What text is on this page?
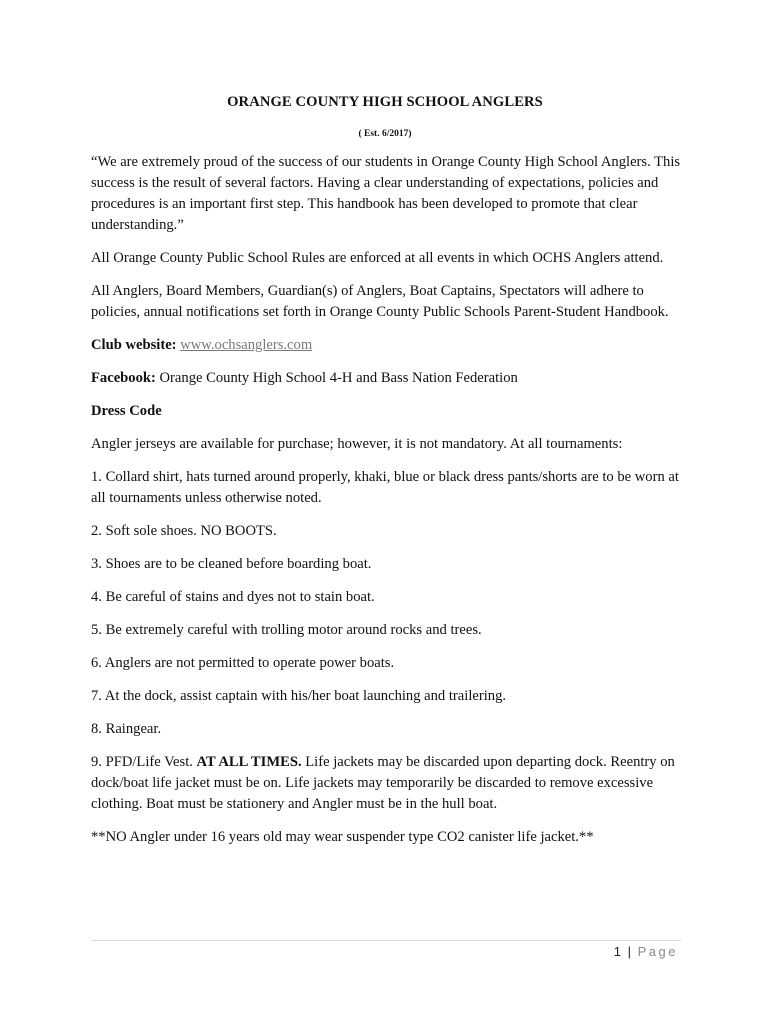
ORANGE COUNTY HIGH SCHOOL ANGLERS
( Est. 6/2017)

“We are extremely proud of the success of our students in Orange County High School Anglers. This success is the result of several factors. Having a clear understanding of expectations, policies and procedures is an important first step. This handbook has been developed to promote that clear understanding.”

All Orange County Public School Rules are enforced at all events in which OCHS Anglers attend.

All Anglers, Board Members, Guardian(s) of Anglers, Boat Captains, Spectators will adhere to policies, annual notifications set forth in Orange County Public Schools Parent-Student Handbook.

Club website: www.ochsanglers.com

Facebook: Orange County High School 4-H and Bass Nation Federation

Dress Code

Angler jerseys are available for purchase; however, it is not mandatory. At all tournaments:

1. Collard shirt, hats turned around properly, khaki, blue or black dress pants/shorts are to be worn at all tournaments unless otherwise noted.

2. Soft sole shoes. NO BOOTS.

3. Shoes are to be cleaned before boarding boat.

4. Be careful of stains and dyes not to stain boat.

5. Be extremely careful with trolling motor around rocks and trees.

6. Anglers are not permitted to operate power boats.

7. At the dock, assist captain with his/her boat launching and trailering.

8. Raingear.

9. PFD/Life Vest. AT ALL TIMES. Life jackets may be discarded upon departing dock. Reentry on dock/boat life jacket must be on. Life jackets may temporarily be discarded to remove excessive clothing. Boat must be stationery and Angler must be in the hull boat.

**NO Angler under 16 years old may wear suspender type CO2 canister life jacket.**

1 | Page
